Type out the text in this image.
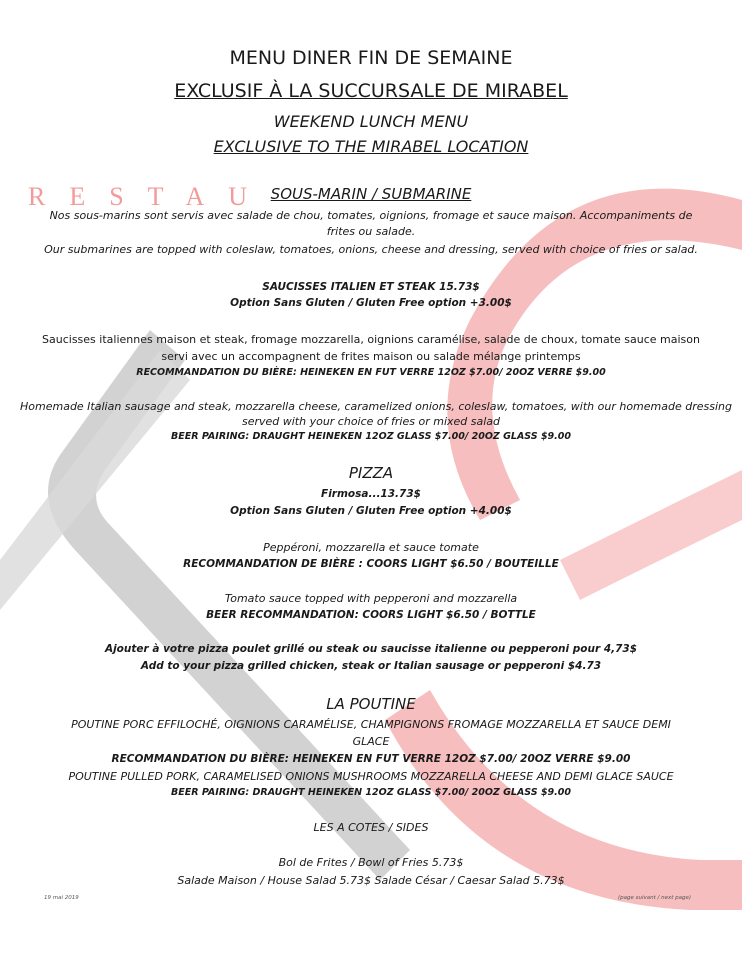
RESTAU
MENU DINER FIN DE SEMAINE
EXCLUSIF À LA SUCCURSALE DE MIRABEL
WEEKEND LUNCH MENU
EXCLUSIVE TO THE MIRABEL LOCATION
SOUS-MARIN / SUBMARINE
Nos sous-marins sont servis avec salade de chou, tomates, oignions, fromage et sauce maison. Accompaniments de
frites ou salade.
Our submarines are topped with coleslaw, tomatoes, onions, cheese and dressing, served with choice of fries or salad.
SAUCISSES ITALIEN ET STEAK 15.73$
Option Sans Gluten / Gluten Free option +3.00$
Saucisses italiennes maison et steak, fromage mozzarella, oignions caramélise, salade de choux, tomate sauce maison
servi avec un accompagnent de frites maison ou salade mélange printemps
RECOMMANDATION DU BIÈRE: HEINEKEN EN FUT VERRE 12OZ $7.00/ 20OZ VERRE $9.00
Homemade Italian sausage and steak, mozzarella cheese, caramelized onions, coleslaw, tomatoes, with our homemade dressing
served with your choice of fries or mixed salad
BEER PAIRING: DRAUGHT HEINEKEN 12OZ GLASS $7.00/ 20OZ GLASS $9.00
PIZZA
Firmosa...13.73$
Option Sans Gluten / Gluten Free option +4.00$
Peppéroni, mozzarella et sauce tomate
RECOMMANDATION DE BIÈRE : COORS LIGHT $6.50 / BOUTEILLE
Tomato sauce topped with pepperoni and mozzarella
BEER RECOMMANDATION: COORS LIGHT $6.50 / BOTTLE
Ajouter à votre pizza poulet grillé ou steak ou saucisse italienne ou pepperoni pour 4,73$
Add to your pizza grilled chicken, steak or Italian sausage or pepperoni $4.73
LA POUTINE
POUTINE PORC EFFILOCHÉ, OIGNIONS CARAMÉLISE, CHAMPIGNONS FROMAGE MOZZARELLA ET SAUCE DEMI
GLACE
RECOMMANDATION DU BIÈRE: HEINEKEN EN FUT VERRE 12OZ $7.00/ 20OZ VERRE $9.00
POUTINE PULLED PORK, CARAMELISED ONIONS MUSHROOMS MOZZARELLA CHEESE AND DEMI GLACE SAUCE
BEER PAIRING: DRAUGHT HEINEKEN 12OZ GLASS $7.00/ 20OZ GLASS $9.00
LES A COTES / SIDES
Bol de Frites / Bowl of Fries 5.73$
Salade Maison / House Salad 5.73$ Salade César / Caesar Salad 5.73$
19 mai 2019	(page suivant / next page)
